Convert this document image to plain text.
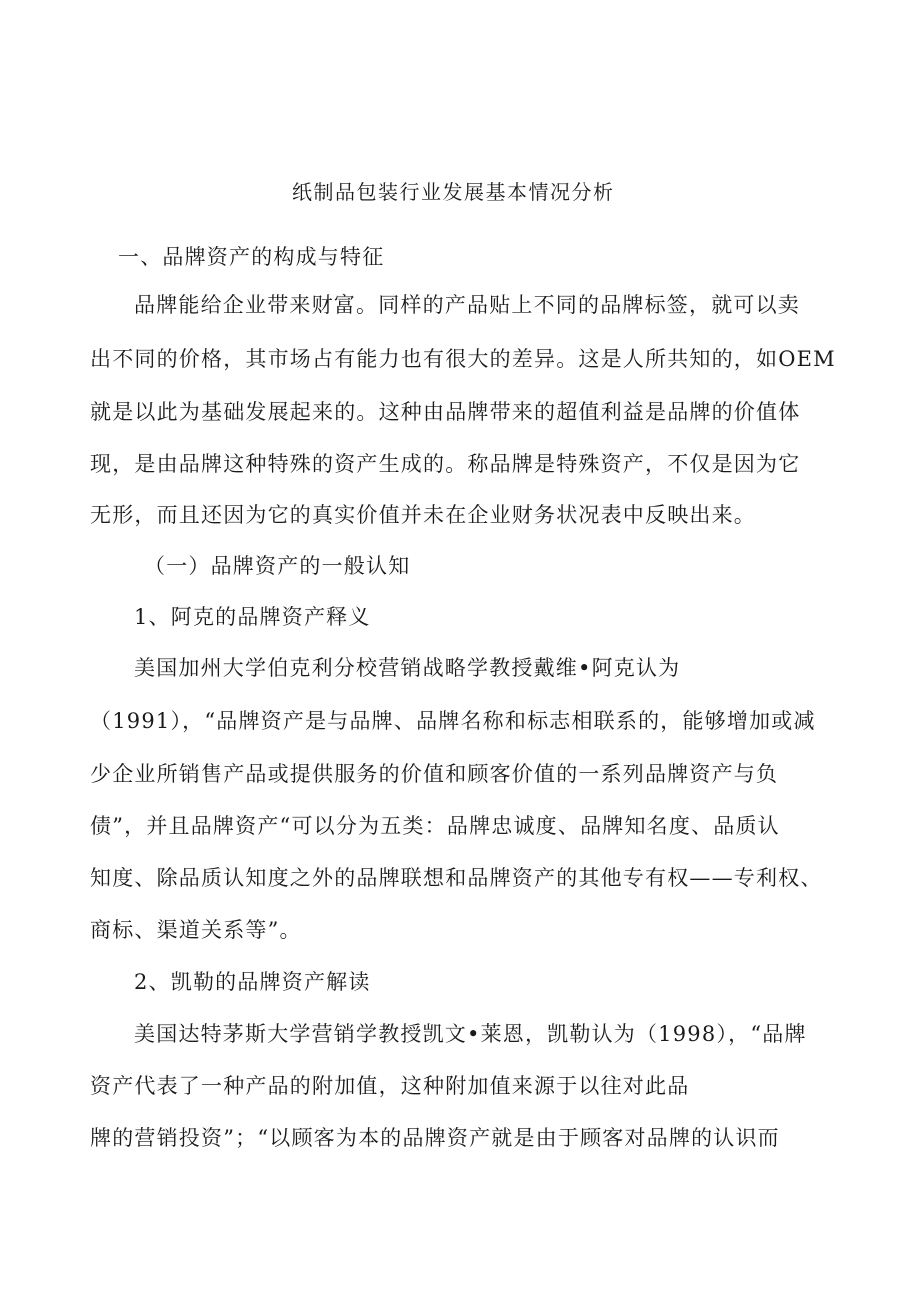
纸制品包装行业发展基本情况分析

一、品牌资产的构成与特征

品牌能给企业带来财富。同样的产品贴上不同的品牌标签，就可以卖

出不同的价格，其市场占有能力也有很大的差异。这是人所共知的，如OEM

就是以此为基础发展起来的。这种由品牌带来的超值利益是品牌的价值体

现，是由品牌这种特殊的资产生成的。称品牌是特殊资产，不仅是因为它

无形，而且还因为它的真实价值并未在企业财务状况表中反映出来。

（一）品牌资产的一般认知

1、阿克的品牌资产释义

美国加州大学伯克利分校营销战略学教授戴维•阿克认为

（1991），“品牌资产是与品牌、品牌名称和标志相联系的，能够增加或减

少企业所销售产品或提供服务的价值和顾客价值的一系列品牌资产与负

债”，并且品牌资产“可以分为五类：品牌忠诚度、品牌知名度、品质认

知度、除品质认知度之外的品牌联想和品牌资产的其他专有权——专利权、

商标、渠道关系等”。

2、凯勒的品牌资产解读

美国达特茅斯大学营销学教授凯文•莱恩，凯勒认为（1998），“品牌

资产代表了一种产品的附加值，这种附加值来源于以往对此品

牌的营销投资”；“以顾客为本的品牌资产就是由于顾客对品牌的认识而
